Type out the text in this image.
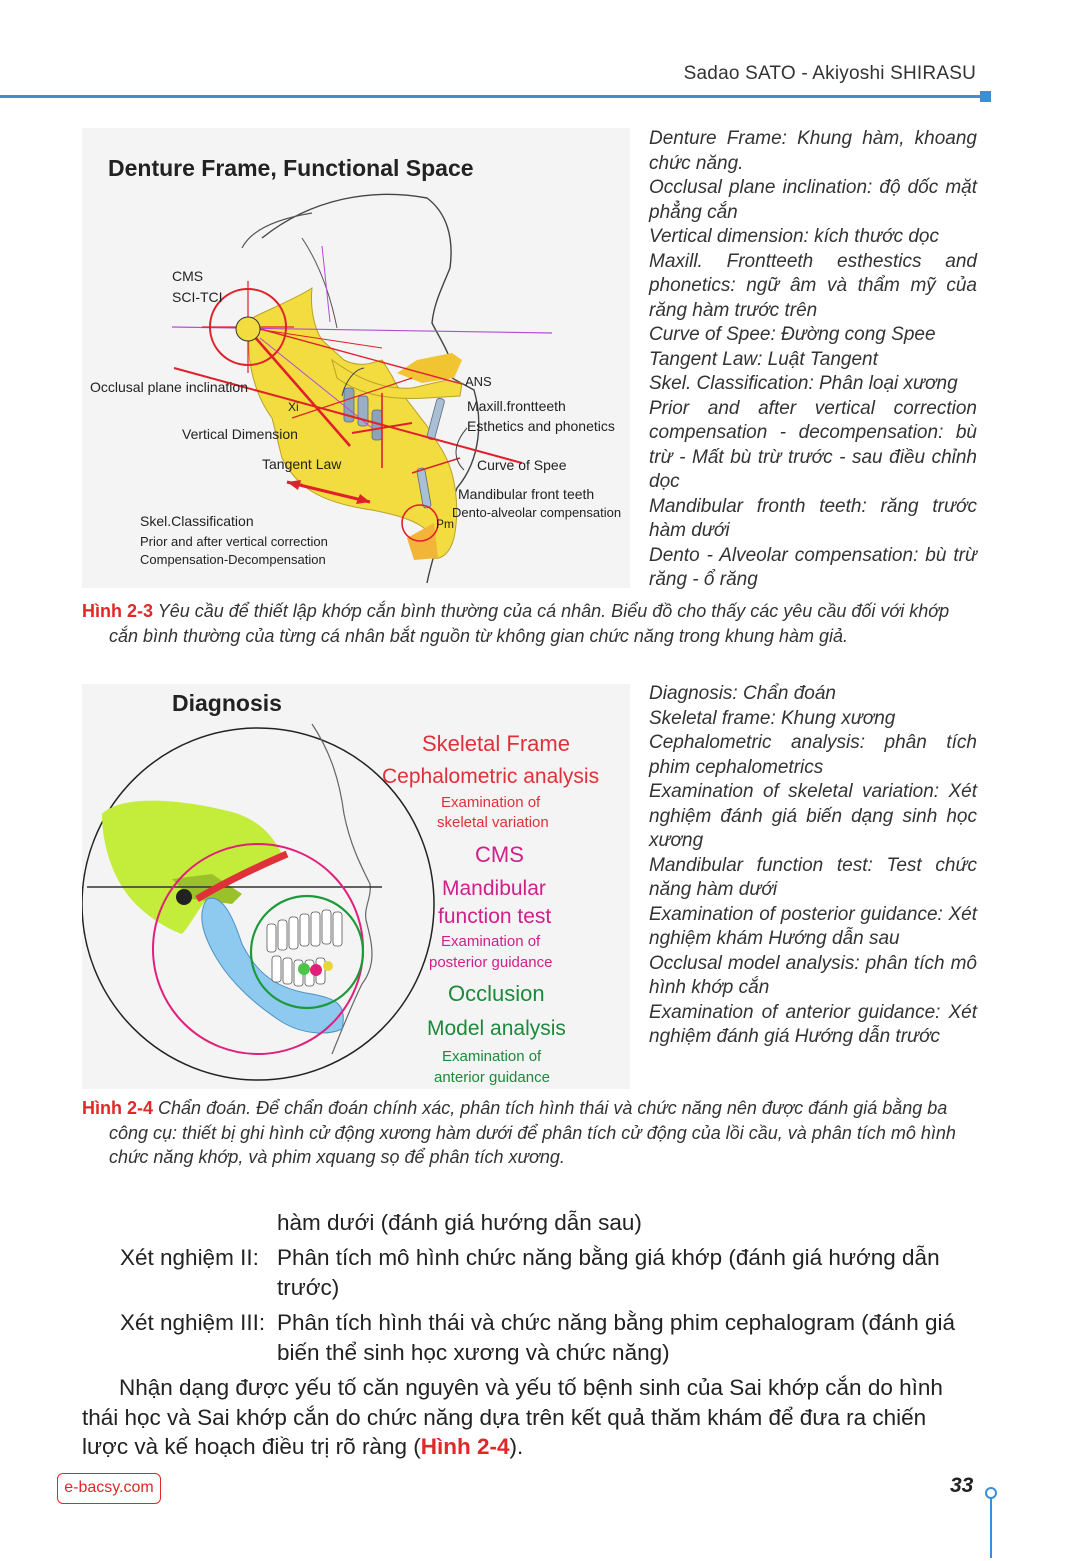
Sadao SATO - Akiyoshi SHIRASU
Denture Frame, Functional Space
CMS
SCI-TCI
Occlusal plane inclination
Xi
Vertical Dimension
Tangent Law
ANS
Maxill.frontteeth
Esthetics and phonetics
Curve of Spee
Mandibular front teeth
Dento-alveolar compensation
Pm
Skel.Classification
Prior and after vertical correction
Compensation-Decompensation

Denture Frame: Khung hàm, khoang chức năng.

Occlusal plane inclination: độ dốc mặt phẳng cắn

Vertical dimension: kích thước dọc

Maxill. Frontteeth esthestics and phonetics: ngữ âm và thẩm mỹ của răng hàm trước trên

Curve of Spee: Đường cong Spee

Tangent Law: Luật Tangent

Skel. Classification: Phân loại xương

Prior and after vertical correction compensation - decompensation: bù trừ - Mất bù trừ trước - sau điều chỉnh dọc

Mandibular fronth teeth: răng trước hàm dưới

Dento - Alveolar compensation: bù trừ răng - ổ răng

Hình 2-3 Yêu cầu để thiết lập khớp cắn bình thường của cá nhân. Biểu đồ cho thấy các yêu cầu đối với khớp cắn bình thường của từng cá nhân bắt nguồn từ không gian chức năng trong khung hàm giả.
Diagnosis
Skeletal Frame
Cephalometric analysis
Examination of
skeletal variation
CMS
Mandibular
function test
Examination of
posterior guidance
Occlusion
Model analysis
Examination of
anterior guidance

Diagnosis: Chẩn đoán

Skeletal frame: Khung xương

Cephalometric analysis: phân tích phim cephalometrics

Examination of skeletal variation: Xét nghiệm đánh giá biến dạng sinh học xương

Mandibular function test: Test chức năng hàm dưới

Examination of posterior guidance: Xét nghiệm khám Hướng dẫn sau

Occlusal model analysis: phân tích mô hình khớp cắn

Examination of anterior guidance: Xét nghiệm đánh giá Hướng dẫn trước

Hình 2-4 Chẩn đoán. Để chẩn đoán chính xác, phân tích hình thái và chức năng nên được đánh giá bằng ba công cụ: thiết bị ghi hình cử động xương hàm dưới để phân tích cử động của lồi cầu, và phân tích mô hình chức năng khớp, và phim xquang sọ để phân tích xương.
hàm dưới (đánh giá hướng dẫn sau)
Xét nghiệm II: Phân tích mô hình chức năng bằng giá khớp (đánh giá hướng dẫn trước)
Xét nghiệm III: Phân tích hình thái và chức năng bằng phim cephalogram (đánh giá biến thể sinh học xương và chức năng)
Nhận dạng được yếu tố căn nguyên và yếu tố bệnh sinh của Sai khớp cắn do hình thái học và Sai khớp cắn do chức năng dựa trên kết quả thăm khám để đưa ra chiến lược và kế hoạch điều trị rõ ràng (Hình 2-4).
e-bacsy.com	33
